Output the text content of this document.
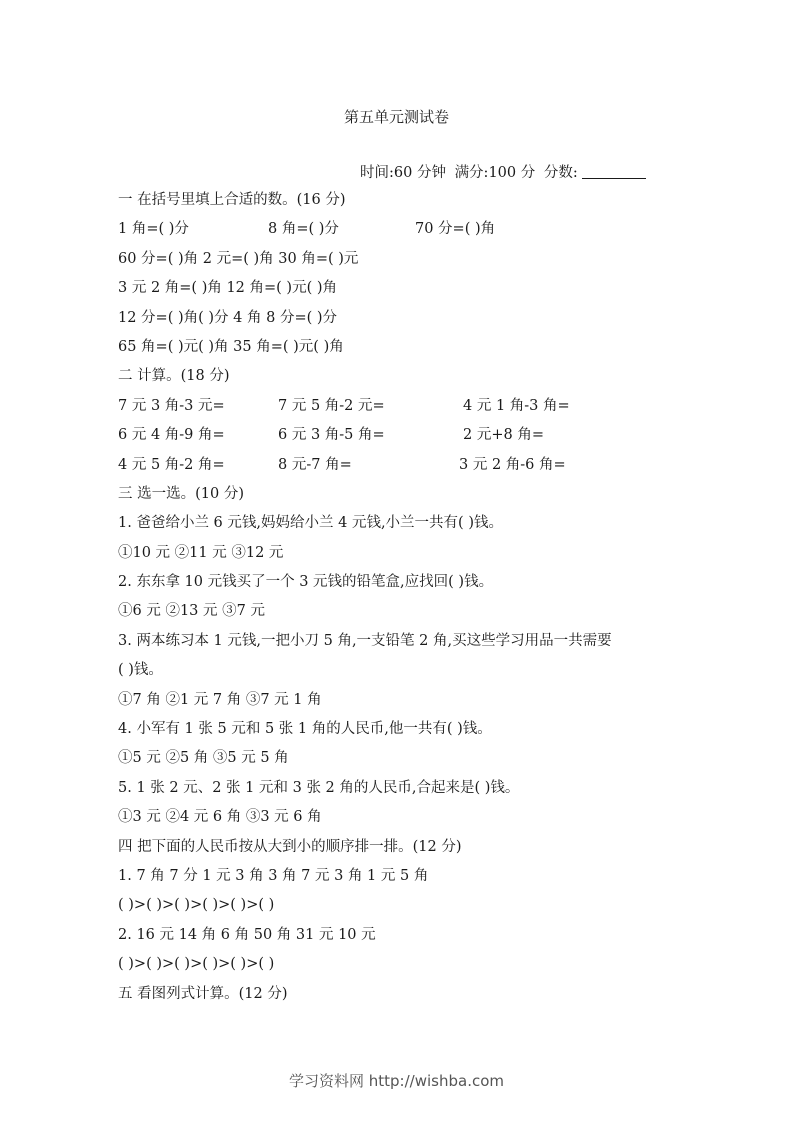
第五单元测试卷
时间:60 分钟 满分:100 分 分数:
一 在括号里填上合适的数。(16 分)
1 角=( )分	8 角=( )分	70 分=( )角
60 分=( )角 2 元=( )角 30 角=( )元
3 元 2 角=( )角 12 角=( )元( )角
12 分=( )角( )分 4 角 8 分=( )分
65 角=( )元( )角 35 角=( )元( )角
二 计算。(18 分)
7 元 3 角-3 元=	7 元 5 角-2 元=	4 元 1 角-3 角=
6 元 4 角-9 角=	6 元 3 角-5 角=	2 元+8 角=
4 元 5 角-2 角=	8 元-7 角=	3 元 2 角-6 角=
三 选一选。(10 分)
1. 爸爸给小兰 6 元钱,妈妈给小兰 4 元钱,小兰一共有( )钱。
①10 元 ②11 元 ③12 元
2. 东东拿 10 元钱买了一个 3 元钱的铅笔盒,应找回( )钱。
①6 元 ②13 元 ③7 元
3. 两本练习本 1 元钱,一把小刀 5 角,一支铅笔 2 角,买这些学习用品一共需要
( )钱。
①7 角 ②1 元 7 角 ③7 元 1 角
4. 小军有 1 张 5 元和 5 张 1 角的人民币,他一共有( )钱。
①5 元 ②5 角 ③5 元 5 角
5. 1 张 2 元、2 张 1 元和 3 张 2 角的人民币,合起来是( )钱。
①3 元 ②4 元 6 角 ③3 元 6 角
四 把下面的人民币按从大到小的顺序排一排。(12 分)
1. 7 角 7 分 1 元 3 角 3 角 7 元 3 角 1 元 5 角
( )>( )>( )>( )>( )>( )
2. 16 元 14 角 6 角 50 角 31 元 10 元
( )>( )>( )>( )>( )>( )
五 看图列式计算。(12 分)
学习资料网 http://wishba.com
